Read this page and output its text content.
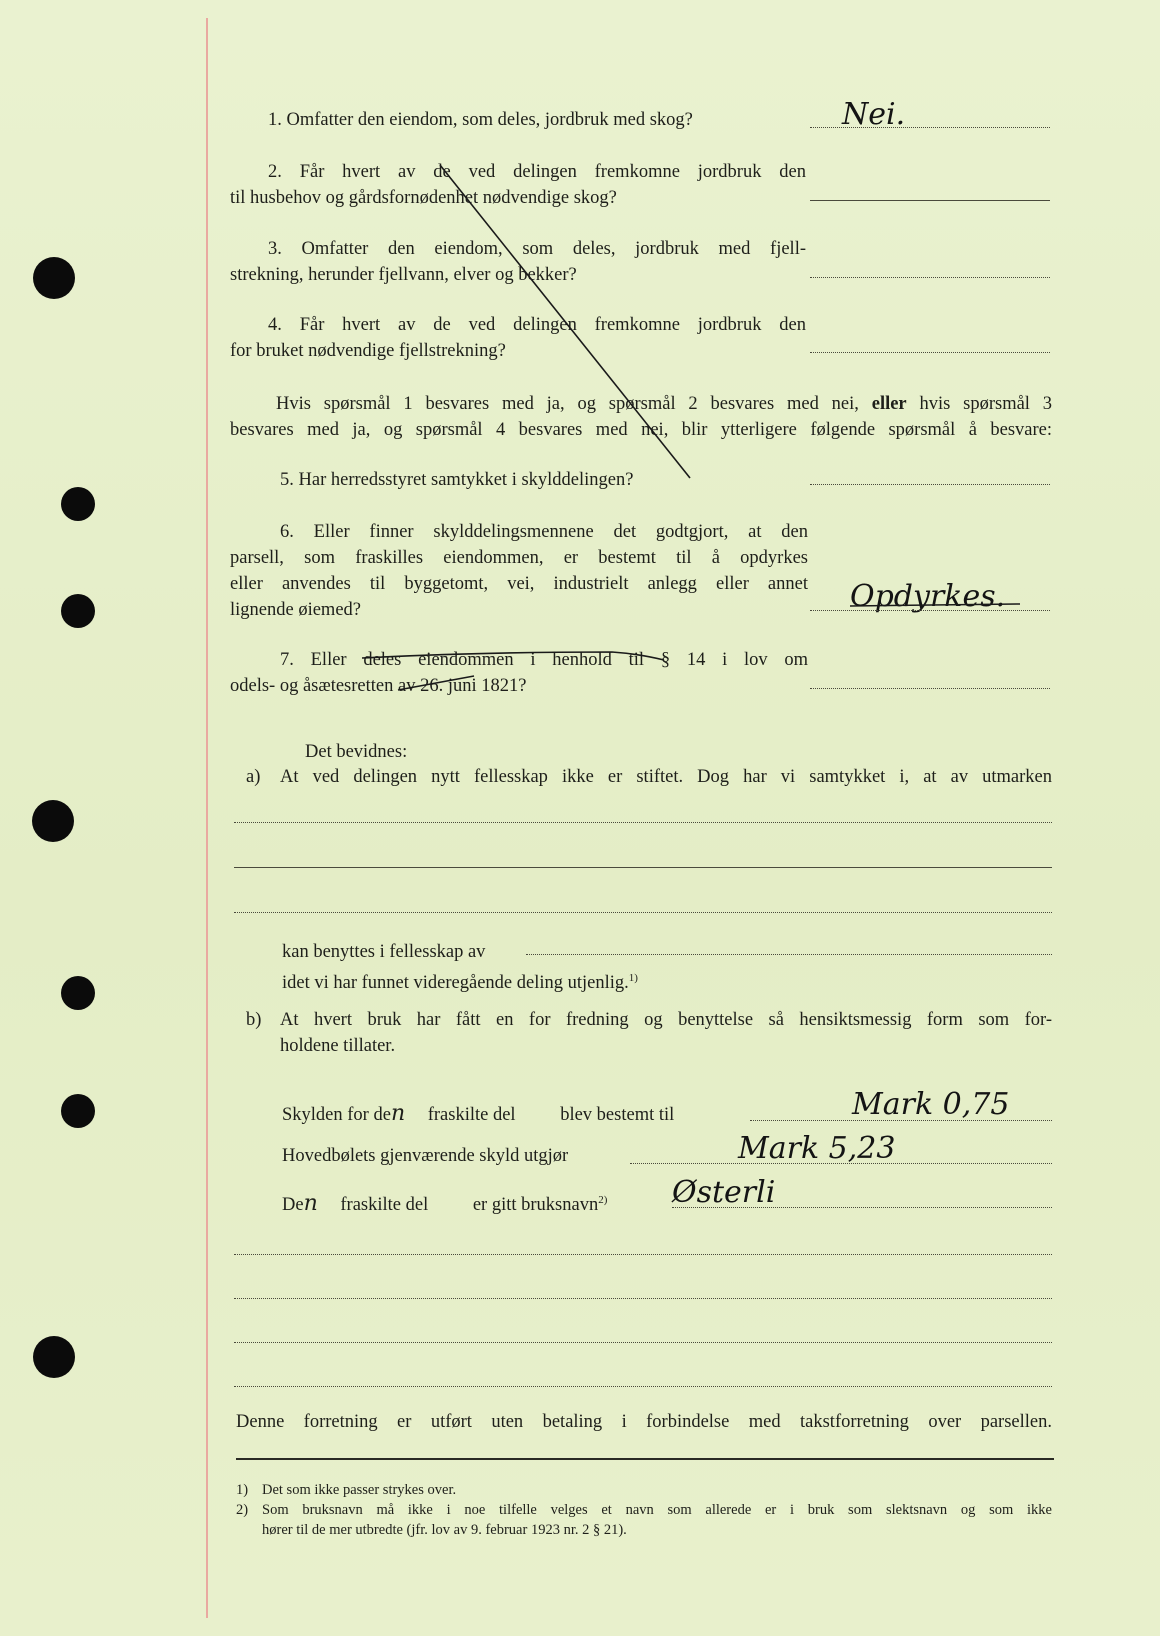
1. Omfatter den eiendom, som deles, jordbruk med skog?	Nei.
2. Får hvert av de ved delingen fremkomne jordbruk den
til husbehov og gårdsfornødenhet nødvendige skog?
3. Omfatter den eiendom, som deles, jordbruk med fjell-
strekning, herunder fjellvann, elver og bekker?
4. Får hvert av de ved delingen fremkomne jordbruk den
for bruket nødvendige fjellstrekning?
Hvis spørsmål 1 besvares med ja, og spørsmål 2 besvares med nei, eller hvis spørsmål 3
besvares med ja, og spørsmål 4 besvares med nei, blir ytterligere følgende spørsmål å besvare:
5. Har herredsstyret samtykket i skylddelingen?
6. Eller finner skylddelingsmennene det godtgjort, at den
parsell, som fraskilles eiendommen, er bestemt til å opdyrkes
eller anvendes til byggetomt, vei, industrielt anlegg eller annet
lignende øiemed?	Opdyrkes.
7. Eller deles eiendommen i henhold til § 14 i lov om
odels- og åsætesretten av 26. juni 1821?
Det bevidnes:
a) At ved delingen nytt fellesskap ikke er stiftet. Dog har vi samtykket i, at av utmarken
kan benyttes i fellesskap av
idet vi har funnet videregående deling utjenlig.$^{1)}$
b) At hvert bruk har fått en for fredning og benyttelse så hensiktsmessig form som for-
holdene tillater.
Skylden for den fraskilte del blev bestemt til	Mark 0,75
Hovedbølets gjenværende skyld utgjør	Mark 5,23
Den fraskilte del er gitt bruksnavn$^{2)}$ Østerli
Denne forretning er utført uten betaling i forbindelse med takstforretning over parsellen.
1) Det som ikke passer strykes over.
2) Som bruksnavn må ikke i noe tilfelle velges et navn som allerede er i bruk som slektsnavn og som ikke
hører til de mer utbredte (jfr. lov av 9. februar 1923 nr. 2 § 21).
